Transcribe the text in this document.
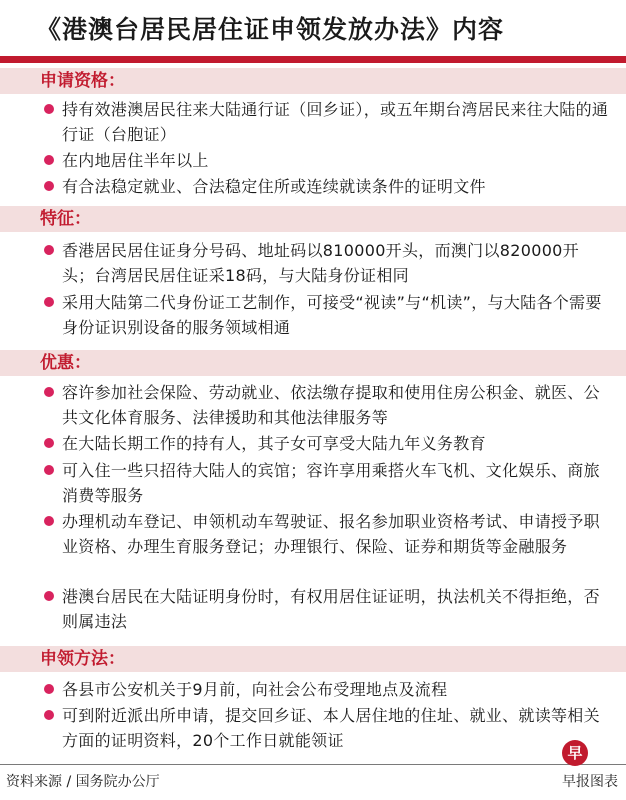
《港澳台居民居住证申领发放办法》内容
申请资格：
持有效港澳居民往来大陆通行证（回乡证），或五年期台湾居民来往大陆的通行证（台胞证）
在内地居住半年以上
有合法稳定就业、合法稳定住所或连续就读条件的证明文件
特征：
香港居民居住证身分号码、地址码以810000开头，而澳门以820000开头；台湾居民居住证采18码，与大陆身份证相同
采用大陆第二代身份证工艺制作，可接受“视读”与“机读”，与大陆各个需要身份证识别设备的服务领域相通
优惠：
容许参加社会保险、劳动就业、依法缴存提取和使用住房公积金、就医、公共文化体育服务、法律援助和其他法律服务等
在大陆长期工作的持有人，其子女可享受大陆九年义务教育
可入住一些只招待大陆人的宾馆；容许享用乘搭火车飞机、文化娱乐、商旅消费等服务
办理机动车登记、申领机动车驾驶证、报名参加职业资格考试、申请授予职业资格、办理生育服务登记；办理银行、保险、证券和期货等金融服务
港澳台居民在大陆证明身份时，有权用居住证证明，执法机关不得拒绝，否则属违法
申领方法：
各县市公安机关于9月前，向社会公布受理地点及流程
可到附近派出所申请，提交回乡证、本人居住地的住址、就业、就读等相关方面的证明资料，20个工作日就能领证
资料来源 / 国务院办公厅
早
早报图表
